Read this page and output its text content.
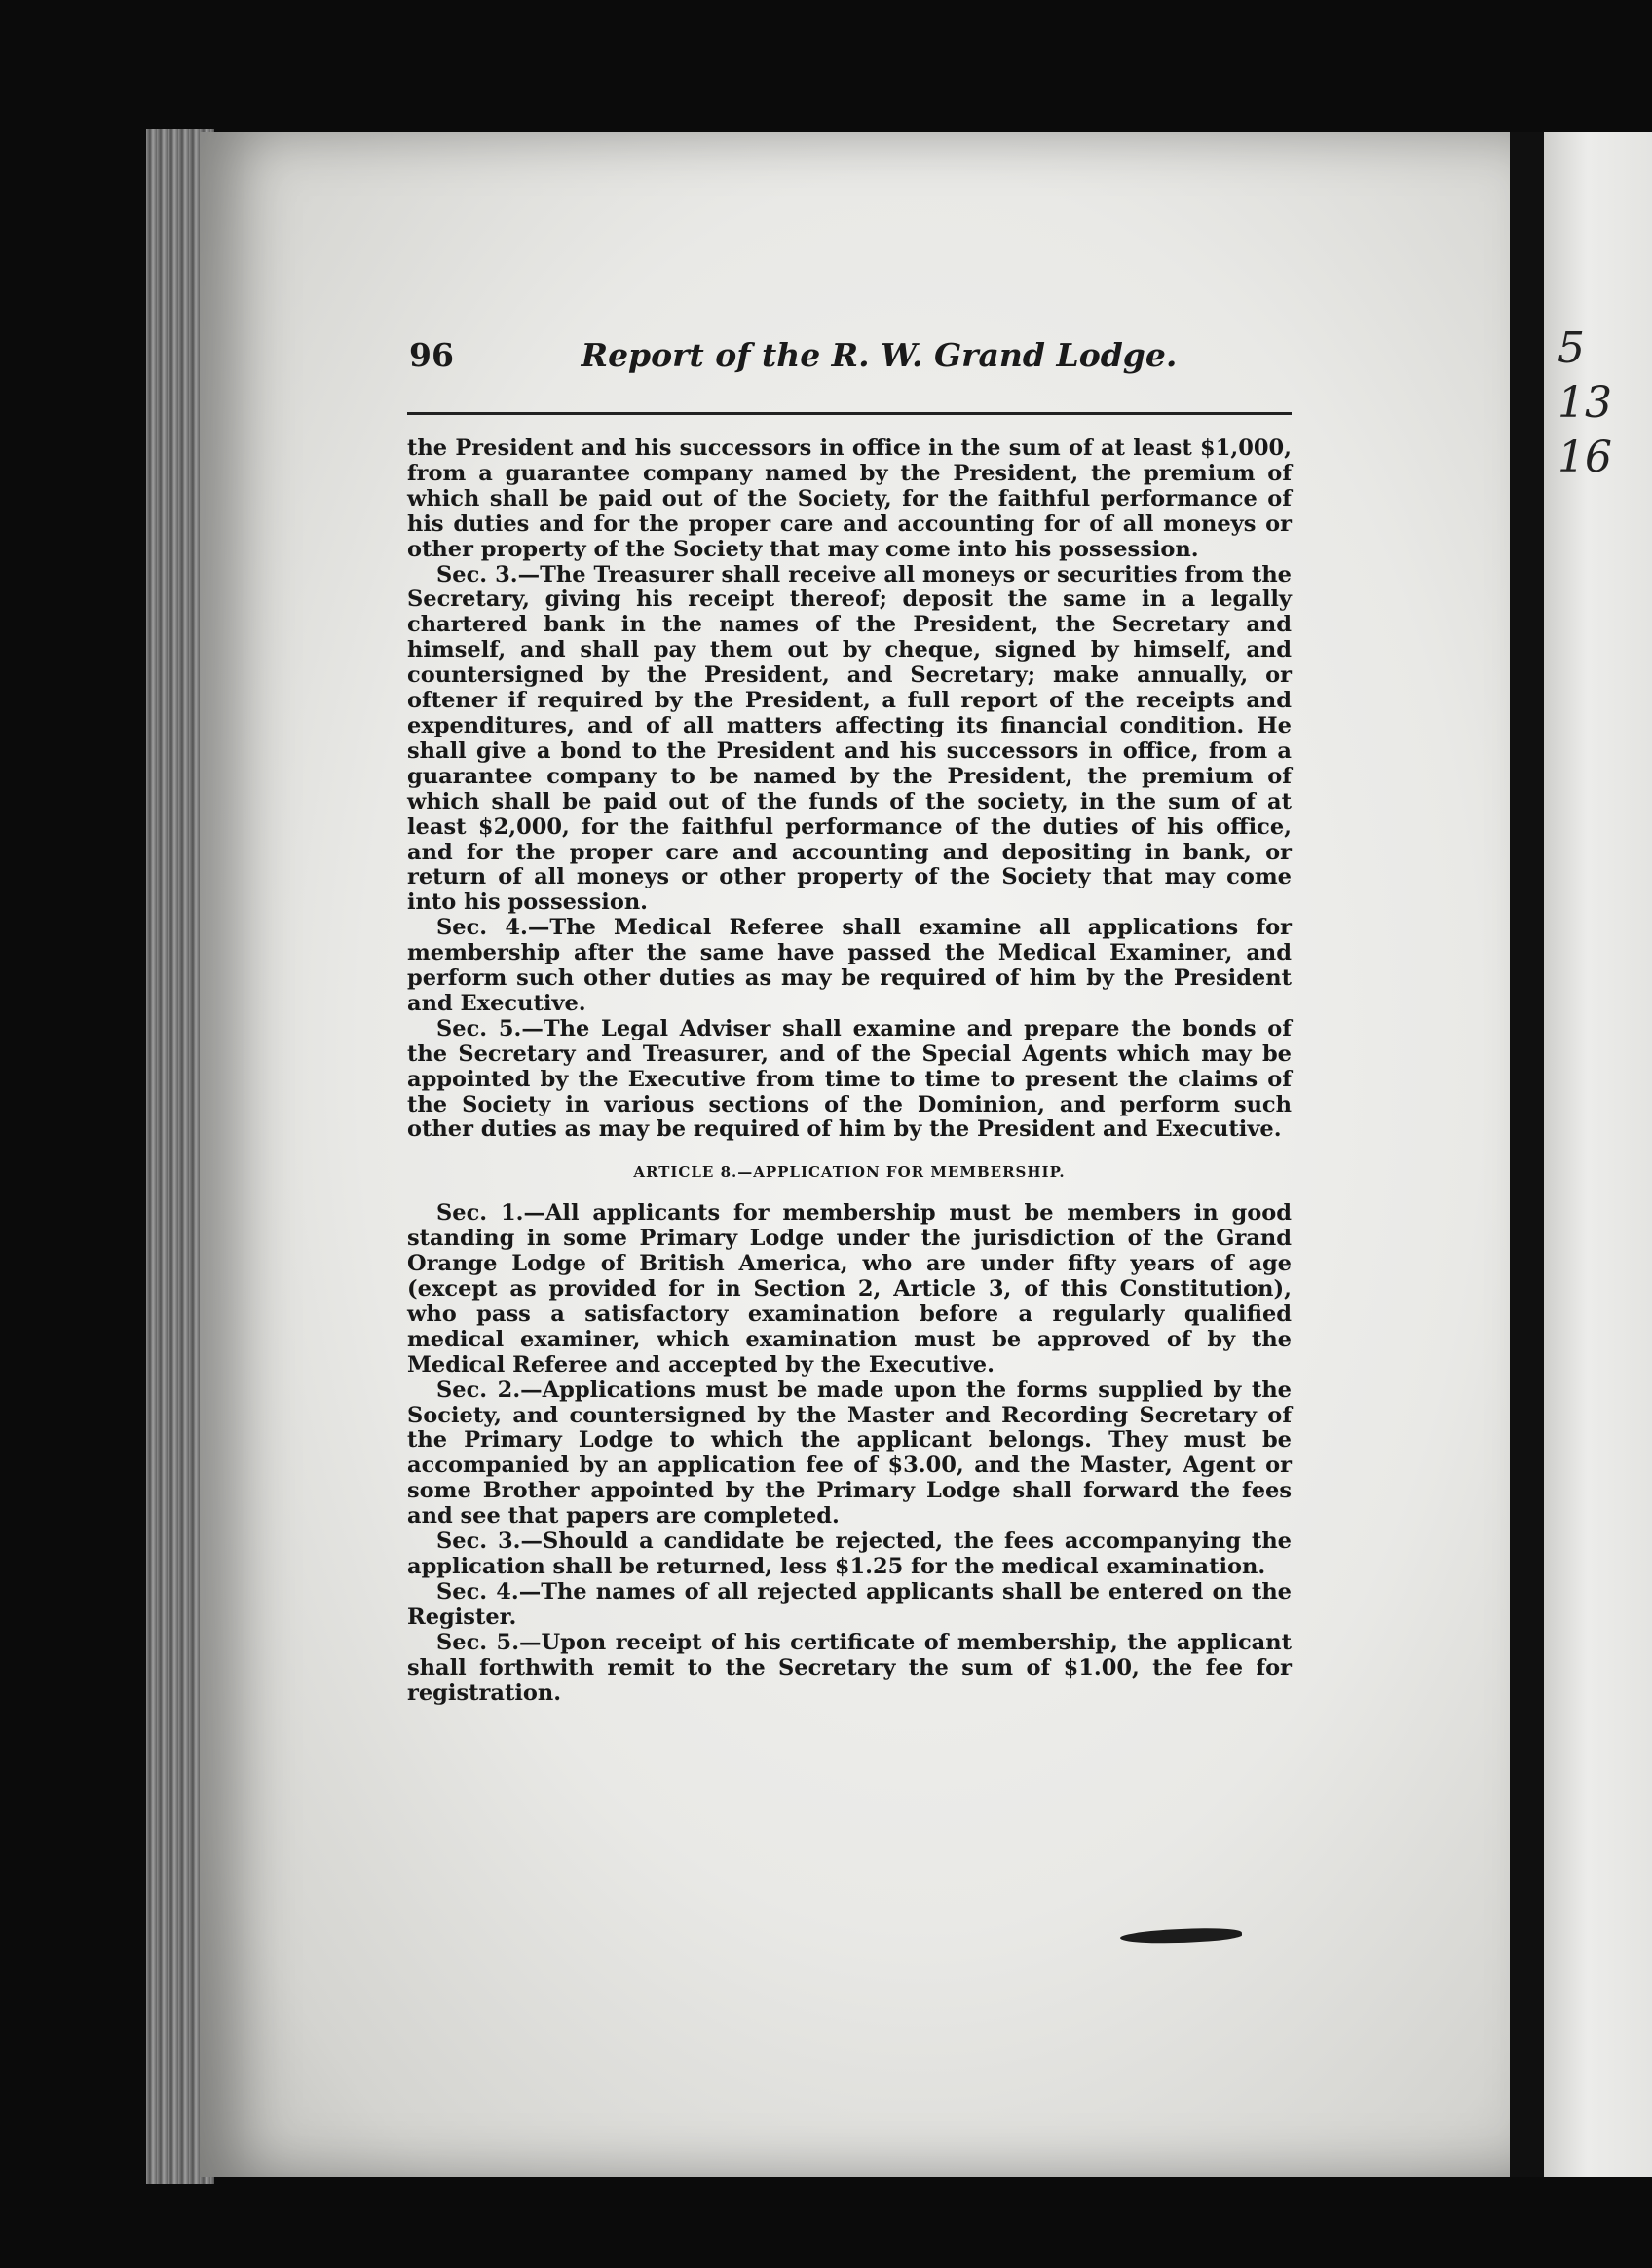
5
13
16
96	Report of the R. W. Grand Lodge.

the President and his successors in office in the sum of at least $1,000, from a guarantee company named by the President, the premium of which shall be paid out of the Society, for the faithful performance of his duties and for the proper care and accounting for of all moneys or other property of the Society that may come into his possession.

Sec. 3.—The Treasurer shall receive all moneys or securities from the Secretary, giving his receipt thereof; deposit the same in a legally chartered bank in the names of the President, the Secretary and himself, and shall pay them out by cheque, signed by himself, and countersigned by the President, and Secretary; make annually, or oftener if required by the President, a full report of the receipts and expenditures, and of all matters affecting its financial condition. He shall give a bond to the President and his successors in office, from a guarantee company to be named by the President, the premium of which shall be paid out of the funds of the society, in the sum of at least $2,000, for the faithful performance of the duties of his office, and for the proper care and accounting and depositing in bank, or return of all moneys or other property of the Society that may come into his possession.

Sec. 4.—The Medical Referee shall examine all applications for membership after the same have passed the Medical Examiner, and perform such other duties as may be required of him by the President and Executive.

Sec. 5.—The Legal Adviser shall examine and prepare the bonds of the Secretary and Treasurer, and of the Special Agents which may be appointed by the Executive from time to time to present the claims of the Society in various sections of the Dominion, and perform such other duties as may be required of him by the President and Executive.

ARTICLE 8.—APPLICATION FOR MEMBERSHIP.

Sec. 1.—All applicants for membership must be members in good standing in some Primary Lodge under the jurisdiction of the Grand Orange Lodge of British America, who are under fifty years of age (except as provided for in Section 2, Article 3, of this Constitution), who pass a satisfactory examination before a regularly qualified medical examiner, which examination must be approved of by the Medical Referee and accepted by the Executive.

Sec. 2.—Applications must be made upon the forms supplied by the Society, and countersigned by the Master and Recording Secretary of the Primary Lodge to which the applicant belongs. They must be accompanied by an application fee of $3.00, and the Master, Agent or some Brother appointed by the Primary Lodge shall forward the fees and see that papers are completed.

Sec. 3.—Should a candidate be rejected, the fees accompanying the application shall be returned, less $1.25 for the medical examination.

Sec. 4.—The names of all rejected applicants shall be entered on the Register.

Sec. 5.—Upon receipt of his certificate of membership, the applicant shall forthwith remit to the Secretary the sum of $1.00, the fee for registration.
